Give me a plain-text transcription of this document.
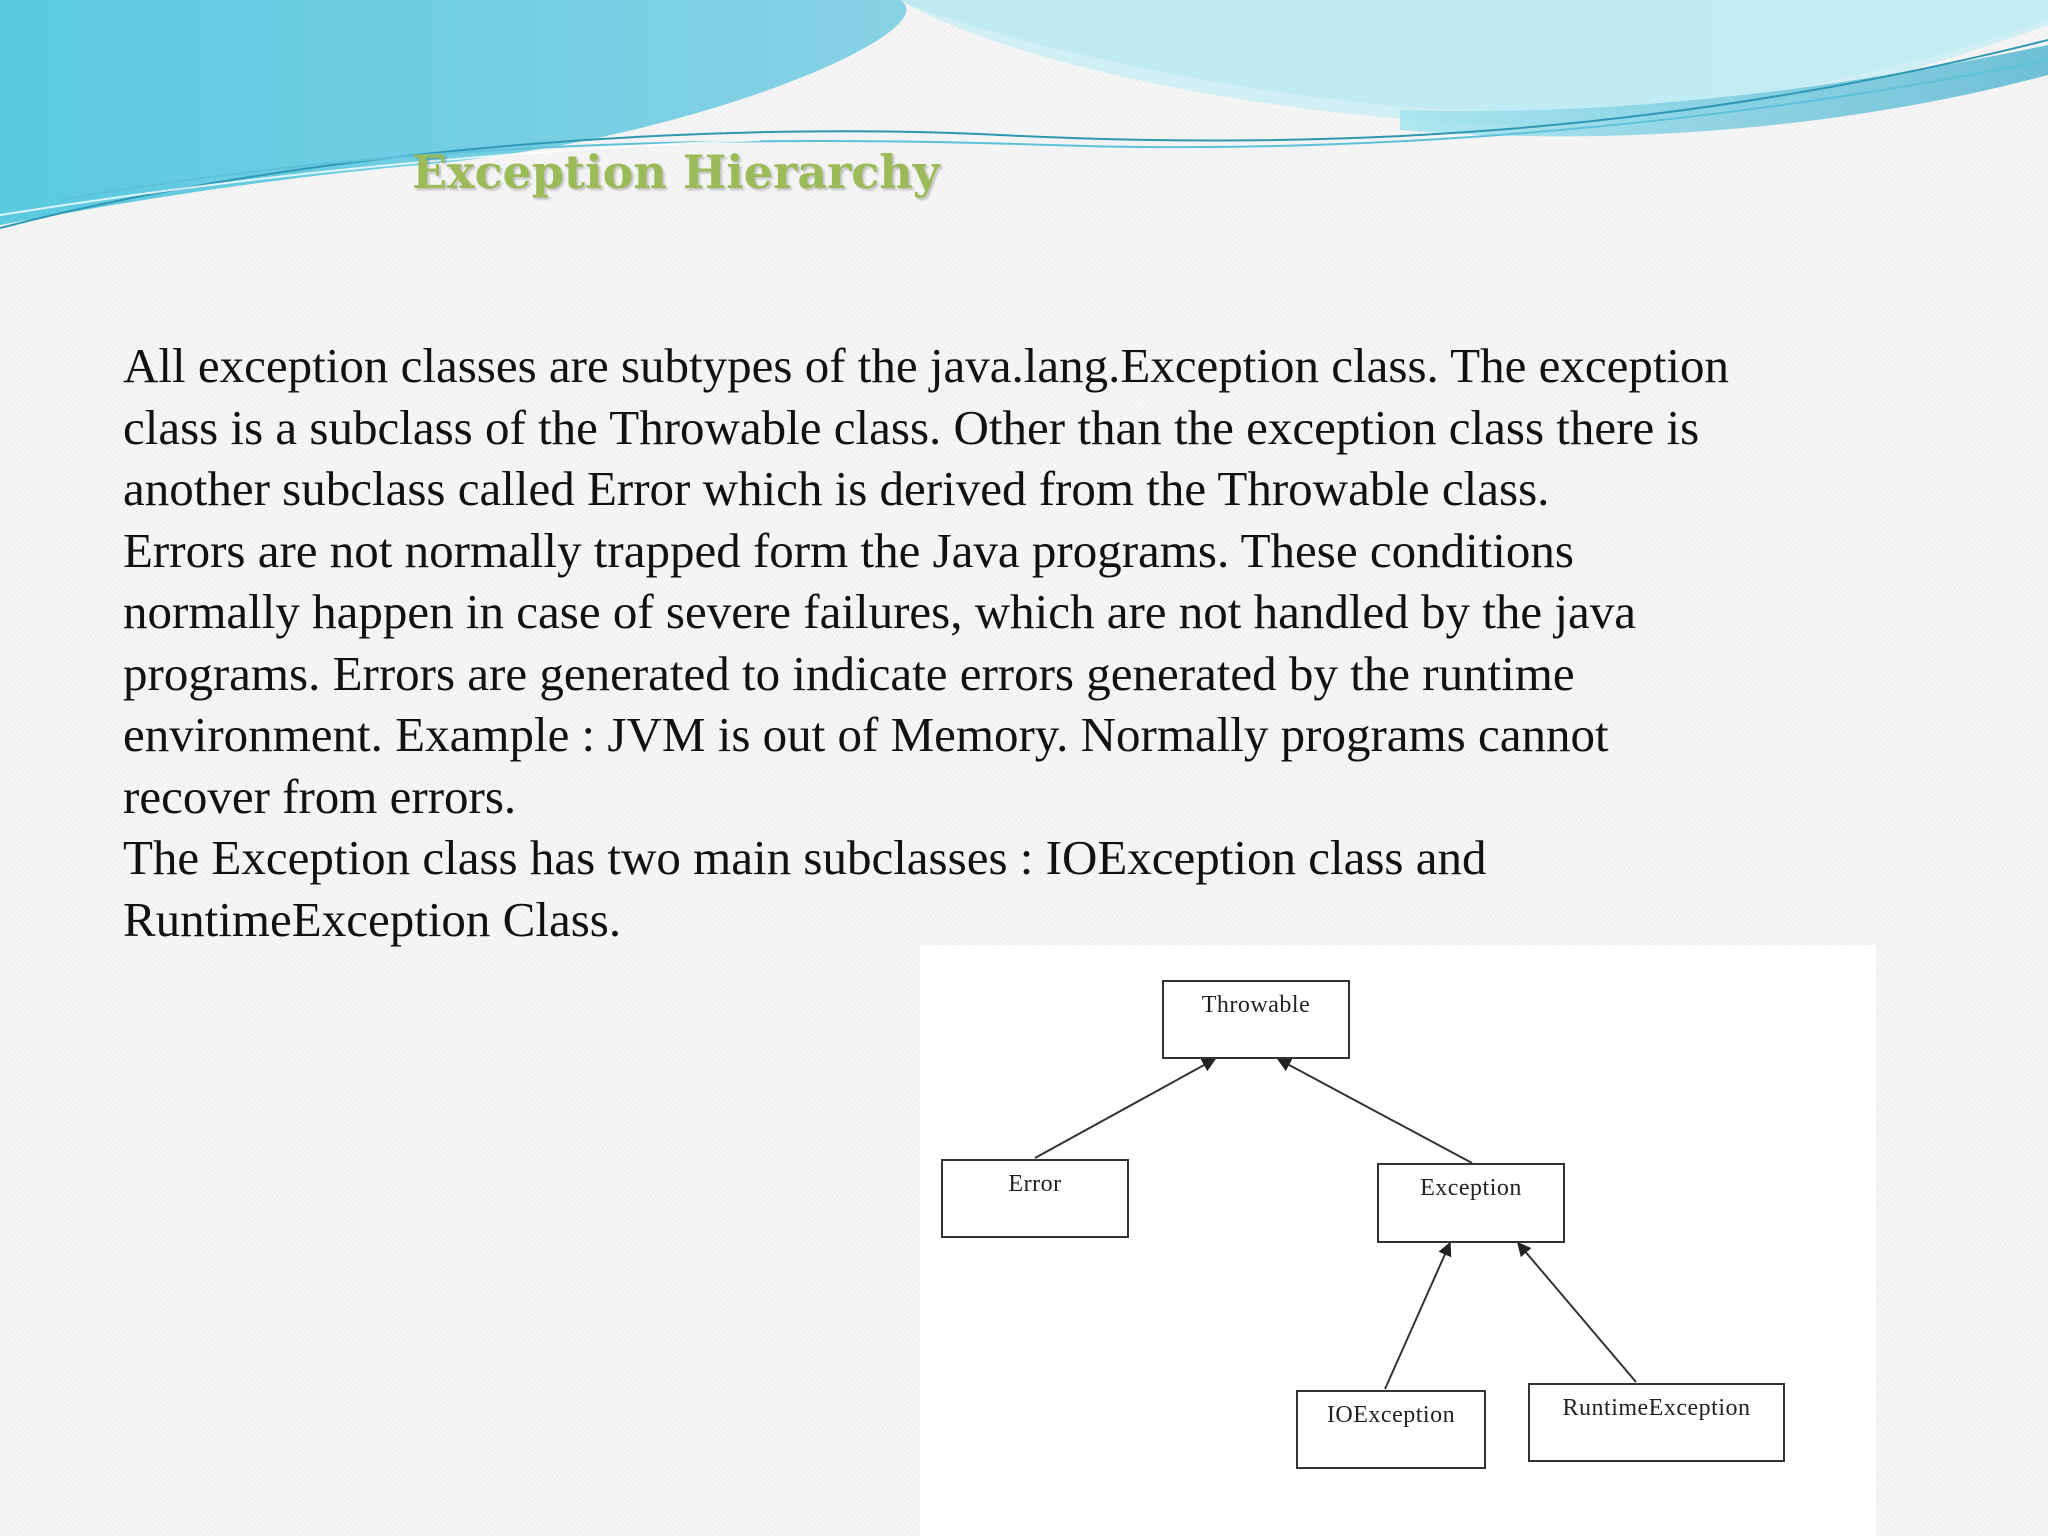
Exception Hierarchy

All exception classes are subtypes of the java.lang.Exception class. The exception

class is a subclass of the Throwable class. Other than the exception class there is

another subclass called Error which is derived from the Throwable class.

Errors are not normally trapped form the Java programs. These conditions

normally happen in case of severe failures, which are not handled by the java

programs. Errors are generated to indicate errors generated by the runtime

environment. Example : JVM is out of Memory. Normally programs cannot

recover from errors.

The Exception class has two main subclasses : IOException class and

RuntimeException Class.

Throwable
Error	Exception
IOException	RuntimeException
